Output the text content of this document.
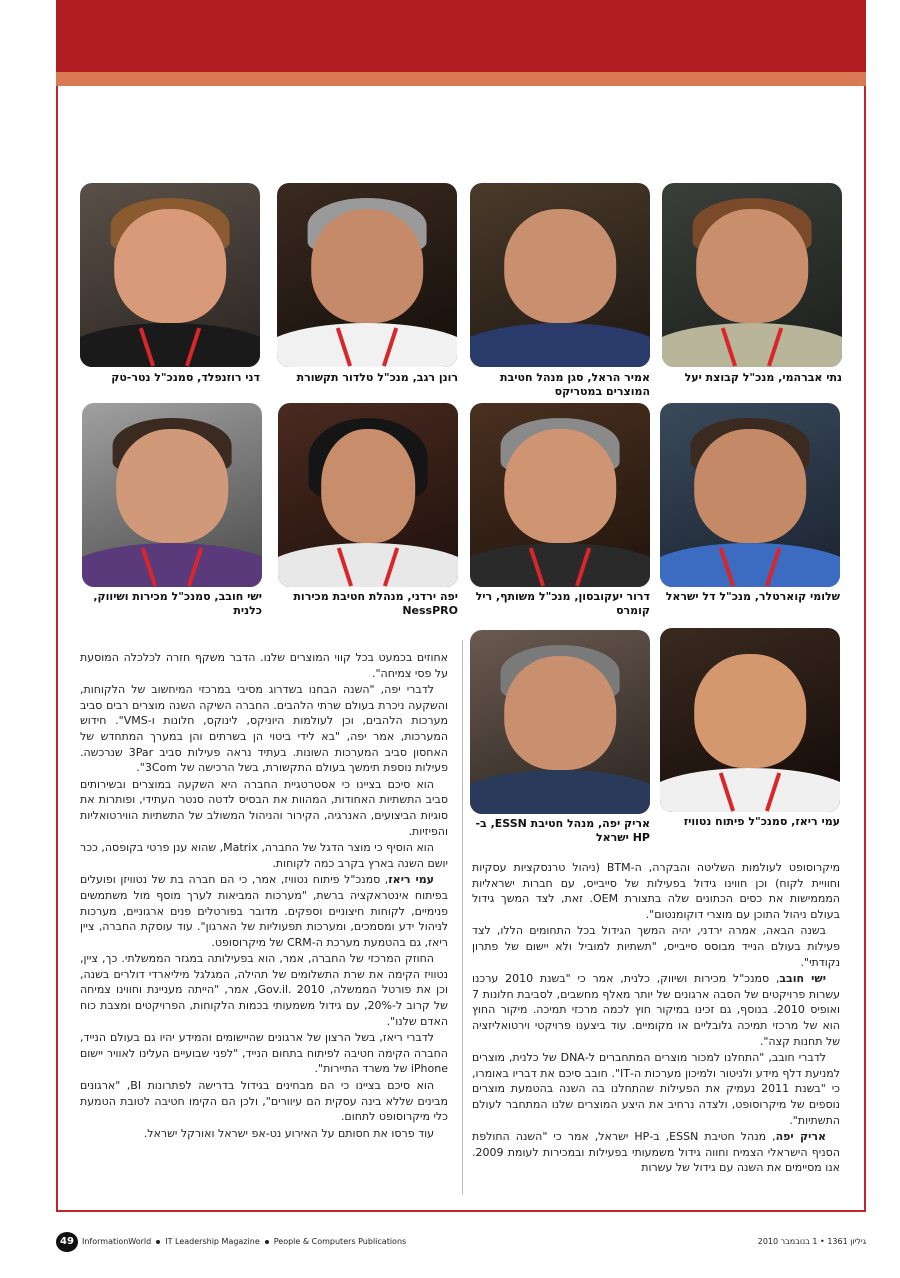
נתי אברהמי, מנכ"ל קבוצת יעל
אמיר הראל, סגן מנהל חטיבת המוצרים במטריקס
רונן רגב, מנכ"ל טלדור תקשורת
דני רוזנפלד, סמנכ"ל נטר-טק
שלומי קוארטלר, מנכ"ל דל ישראל
דרור יעקובסון, מנכ"ל משותף, ריל קומרס
יפה ירדני, מנהלת חטיבת מכירות NessPRO
ישי חובב, סמנכ"ל מכירות ושיווק, כלנית
עמי ריאז, סמנכ"ל פיתוח נטוויז
אריק יפה, מנהל חטיבת ESSN, ב-HP ישראל

מיקרוסופט לעולמות השליטה והבקרה, ה-BTM (ניהול טרנסקציות עסקיות וחוויית לקוח) וכן חווינו גידול בפעילות של סייבייס, עם חברות ישראליות המממישות את כסים הכתונים שלה בתצורת OEM. זאת, לצד המשך גידול בעולם ניהול התוכן עם מוצרי דוקומנטום".

בשנה הבאה, אמרה ירדני, יהיה המשך הגידול בכל התחומים הללו, לצד פעילות בעולם הנייד מבוסס סייבייס, "תשתיות למוביל ולא יישום של פתרון נקודתי".

ישי חובב, סמנכ"ל מכירות ושיווק, כלנית, אמר כי "בשנת 2010 ערכנו עשרות פרויקטים של הסבה ארגונים של יותר מאלף מחשבים, לסביבת חלונות 7 ואופיס 2010. בנוסף, גם זכינו במיקור חוץ לכמה מרכזי תמיכה. מיקור החוץ הוא של מרכזי תמיכה גלובליים או מקומיים. עוד ביצענו פרויקטי וירטואליזציה של תחנות קצה".

לדברי חובב, "התחלנו למכור מוצרים המתחברים ל-DNA של כלנית, מוצרים למניעת דלף מידע ולניטור ולמיכון מערכות ה-IT". חובב סיכם את דבריו באומרו, כי "בשנת 2011 נעמיק את הפעילות שהתחלנו בה השנה בהטמעת מוצרים נוספים של מיקרוסופט, ולצדה נרחיב את היצע המוצרים שלנו המתחבר לעולם התשתיות".

אריק יפה, מנהל חטיבת ESSN, ב-HP ישראל, אמר כי "השנה החולפת הסניף הישראלי הצמיח וחווה גידול משמעותי בפעילות ובמכירות לעומת 2009. אנו מסיימים את השנה עם גידול של עשרות

אחוזים בכמעט בכל קווי המוצרים שלנו. הדבר משקף חזרה לכלכלה המוסעת על פסי צמיחה".

לדברי יפה, "השנה הבחנו בשדרוג מסיבי במרכזי המיחשוב של הלקוחות, והשקעה ניכרת בעולם שרתי הלהבים. החברה השיקה השנה מוצרים רבים סביב מערכות הלהבים, וכן לעולמות היוניקס, לינוקס, חלונות ו-VMS". חידוש המערכות, אמר יפה, "בא לידי ביטוי הן בשרתים והן במערך המתחדש של האחסון סביב המערכות השונות. בעתיד נראה פעילות סביב 3Par שנרכשה. פעילות נוספת תימשך בעולם התקשורת, בשל הרכישה של 3Com".

הוא סיכם בציינו כי אסטרטגיית החברה היא השקעה במוצרים ובשירותים סביב התשתיות האחודות, המהוות את הבסיס לדטה סנטר העתידי, ופותרות את סוגיות הביצועים, האנרגיה, הקירור והניהול המשולב של התשתיות הווירטואליות והפיזיות.

הוא הוסיף כי מוצר הדגל של החברה, Matrix, שהוא ענן פרטי בקופסה, ככר יושם השנה בארץ בקרב כמה לקוחות.

עמי ריאז, סמנכ"ל פיתוח נטוויז, אמר, כי הם חברה בת של נטוויזן ופועלים בפיתוח אינטראקציה ברשת, "מערכות המביאות לערך מוסף מול משתמשים פנימיים, לקוחות חיצוניים וספקים. מדובר בפורטלים פנים ארגוניים, מערכות לניהול ידע ומסמכים, ומערכות תפעוליות של הארגון". עוד עוסקת החברה, ציין ריאז, גם בהטמעת מערכת ה-CRM של מיקרוסופט.

החוזק המרכזי של החברה, אמר, הוא בפעילותה במגזר הממשלתי. כך, ציין, נטוויז הקימה את שרת התשלומים של תהילה, המגלגל מיליארדי דולרים בשנה, וכן את פורטל הממשלה, Gov.il. 2010, אמר, "הייתה מעניינת וחווינו צמיחה של קרוב ל-20%, עם גידול משמעותי בכמות הלקוחות, הפרויקטים ומצבת כוח האדם שלנו".

לדברי ריאז, בשל הרצון של ארגונים שהיישומים והמידע יהיו גם בעולם הנייד, החברה הקימה חטיבה לפיתוח בתחום הנייד, "לפני שבועיים העלינו לאוויר יישום iPhone של משרד התיירות".

הוא סיכם בציינו כי הם מבחינים בגידול בדרישה לפתרונות BI, "ארגונים מבינים שללא בינה עסקית הם עיוורים", ולכן הם הקימו חטיבה לטובת הטמעת כלי מיקרוסופט לתחום.

עוד פרסו את חסותם על האירוע נט-אפ ישראל ואורקל ישראל.

49	InformationWorld IT Leadership Magazine People & Computers Publications	גיליון 1361 • 1 בנובמבר 2010
